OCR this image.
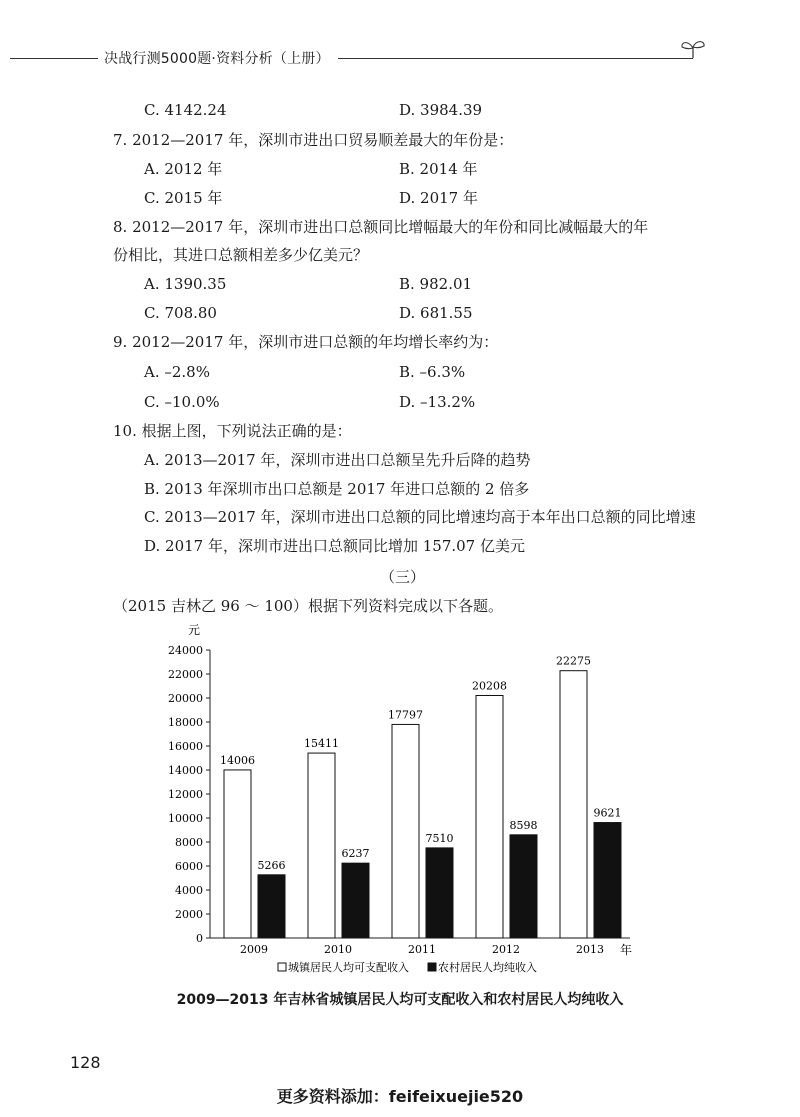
决战行测5000题·资料分析（上册）
C. 4142.24	D. 3984.39
7. 2012—2017 年，深圳市进出口贸易顺差最大的年份是：
A. 2012 年	B. 2014 年
C. 2015 年	D. 2017 年
8. 2012—2017 年，深圳市进出口总额同比增幅最大的年份和同比减幅最大的年
份相比，其进口总额相差多少亿美元？
A. 1390.35	B. 982.01
C. 708.80	D. 681.55
9. 2012—2017 年，深圳市进口总额的年均增长率约为：
A. –2.8%	B. –6.3%
C. –10.0%	D. –13.2%
10. 根据上图，下列说法正确的是：
A. 2013—2017 年，深圳市进出口总额呈先升后降的趋势
B. 2013 年深圳市出口总额是 2017 年进口总额的 2 倍多
C. 2013—2017 年，深圳市进出口总额的同比增速均高于本年出口总额的同比增速
D. 2017 年，深圳市进出口总额同比增加 157.07 亿美元
（三）
（2015 吉林乙 96 ～ 100）根据下列资料完成以下各题。
0
2000
4000
6000
8000
10000
12000
14000
16000
18000
20000
22000
24000
14006
5266
2009
15411
6237
2010
17797
7510
2011
20208
8598
2012
22275
9621
2013
元
年
城镇居民人均可支配收入	农村居民人均纯收入
2009—2013 年吉林省城镇居民人均可支配收入和农村居民人均纯收入
128
更多资料添加：feifeixuejie520
